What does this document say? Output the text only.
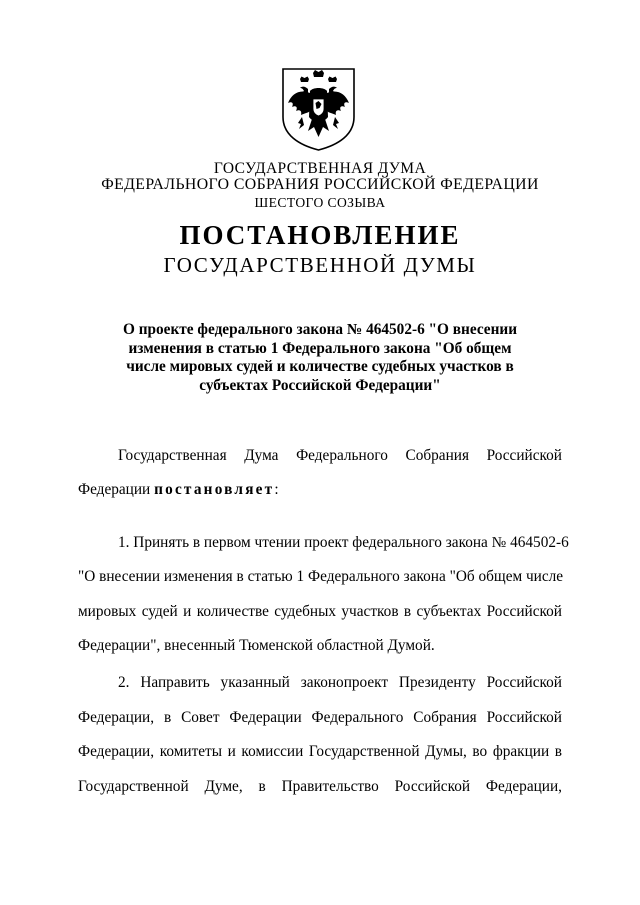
ГОСУДАРСТВЕННАЯ ДУМА
ФЕДЕРАЛЬНОГО СОБРАНИЯ РОССИЙСКОЙ ФЕДЕРАЦИИ
ШЕСТОГО СОЗЫВА
ПОСТАНОВЛЕНИЕ
ГОСУДАРСТВЕННОЙ ДУМЫ
О проекте федерального закона № 464502-6 "О внесении
изменения в статью 1 Федерального закона "Об общем
числе мировых судей и количестве судебных участков в
субъектах Российской Федерации"
Государственная Дума Федерального Собрания Российской
Федерации постановляет:
1. Принять в первом чтении проект федерального закона № 464502-6
"О внесении изменения в статью 1 Федерального закона "Об общем числе
мировых судей и количестве судебных участков в субъектах Российской
Федерации", внесенный Тюменской областной Думой.
2. Направить указанный законопроект Президенту Российской
Федерации, в Совет Федерации Федерального Собрания Российской
Федерации, комитеты и комиссии Государственной Думы, во фракции в
Государственной Думе, в Правительство Российской Федерации,
